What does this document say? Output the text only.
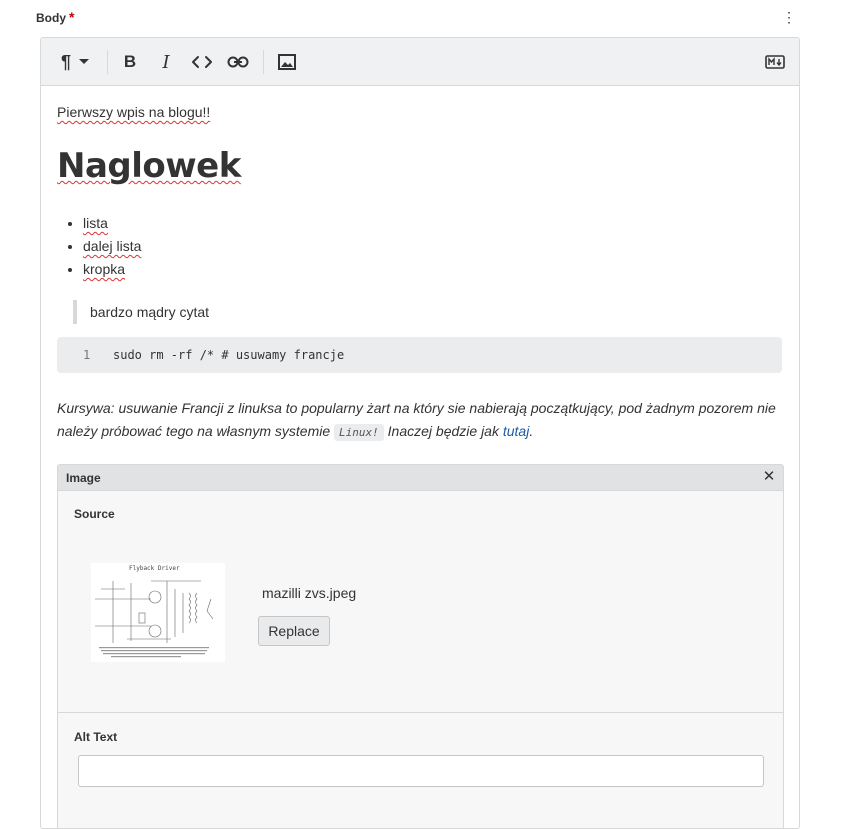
Body *	⋮
¶	B I
Pierwszy wpis na blogu!!
Naglowek
• lista
• dalej lista
• kropka
bardzo mądry cytat
1 sudo rm -rf /* # usuwamy francje
Kursywa: usuwanie Francji z linuksa to popularny żart na który sie nabierają początkujący, pod żadnym pozorem nie należy próbować tego na własnym systemie Linux! Inaczej będzie jak tutaj.
Image	✕
Source
Flyback Driver
mazilli zvs.jpeg
Replace
Alt Text
